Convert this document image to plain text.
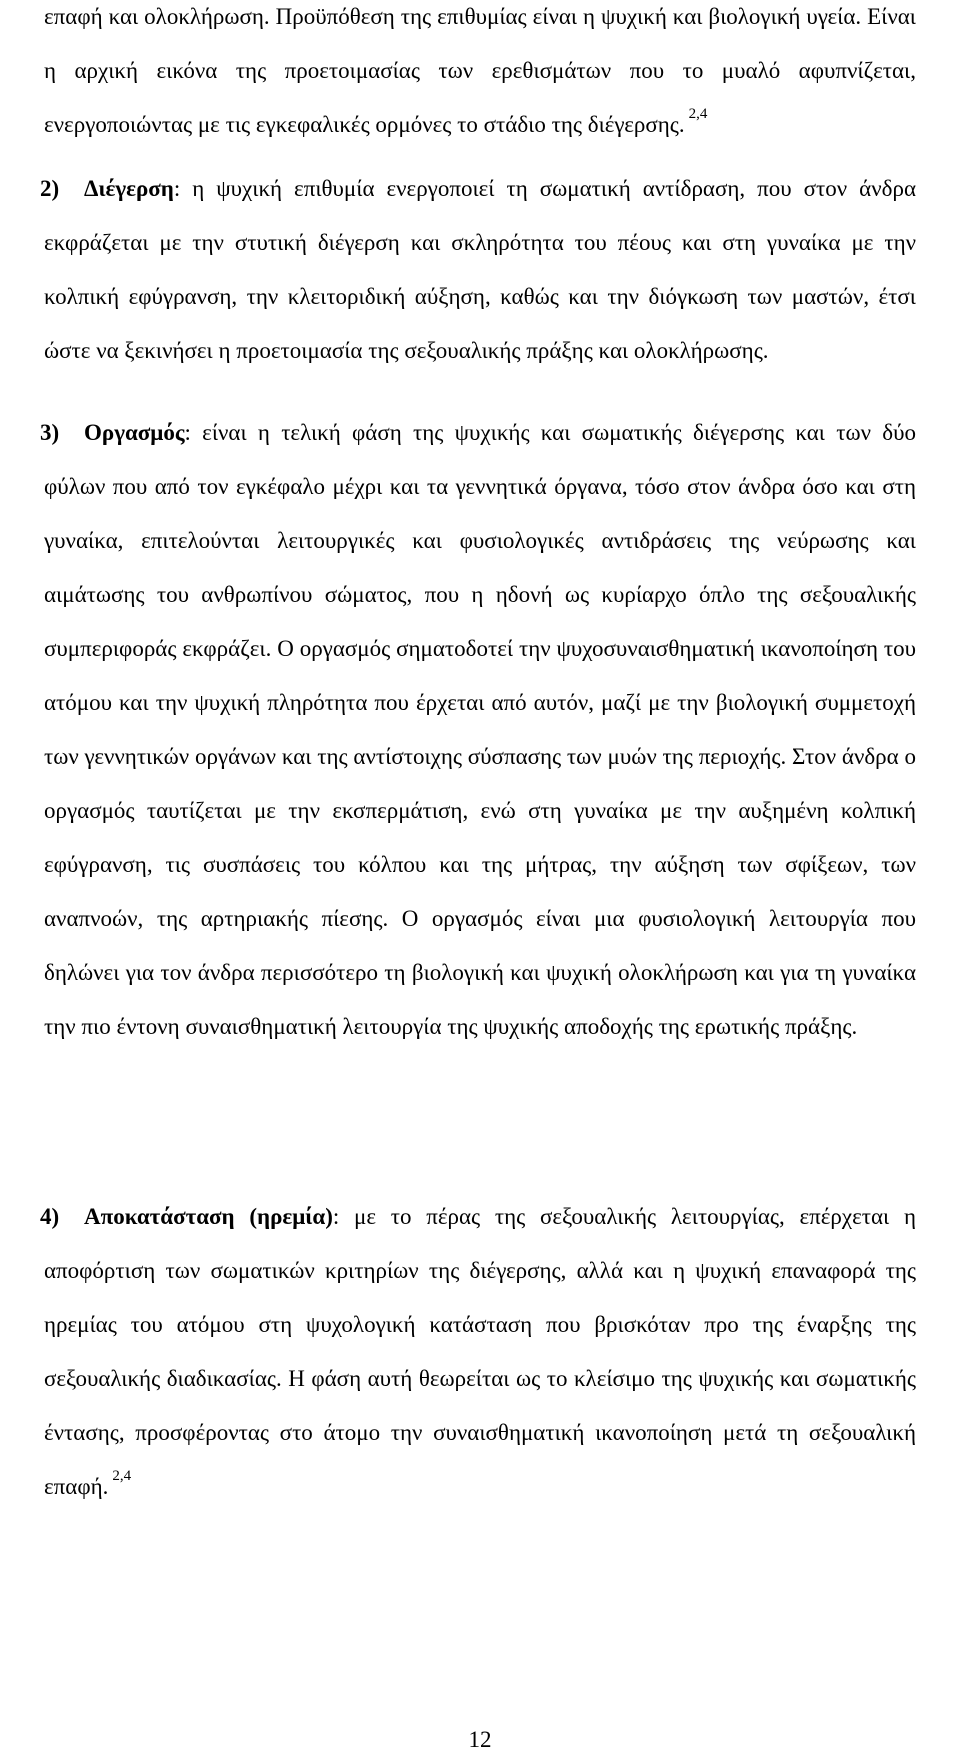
επαφή και ολοκλήρωση. Προϋπόθεση της επιθυμίας είναι η ψυχική και βιολογική υγεία. Είναι η αρχική εικόνα της προετοιμασίας των ερεθισμάτων που το μυαλό αφυπνίζεται, ενεργοποιώντας με τις εγκεφαλικές ορμόνες το στάδιο της διέγερσης. $^{2,4}$

2) Διέγερση: η ψυχική επιθυμία ενεργοποιεί τη σωματική αντίδραση, που στον άνδρα εκφράζεται με την στυτική διέγερση και σκληρότητα του πέους και στη γυναίκα με την κολπική εφύγρανση, την κλειτοριδική αύξηση, καθώς και την διόγκωση των μαστών, έτσι ώστε να ξεκινήσει η προετοιμασία της σεξουαλικής πράξης και ολοκλήρωσης.

3) Οργασμός: είναι η τελική φάση της ψυχικής και σωματικής διέγερσης και των δύο φύλων που από τον εγκέφαλο μέχρι και τα γεννητικά όργανα, τόσο στον άνδρα όσο και στη γυναίκα, επιτελούνται λειτουργικές και φυσιολογικές αντιδράσεις της νεύρωσης και αιμάτωσης του ανθρωπίνου σώματος, που η ηδονή ως κυρίαρχο όπλο της σεξουαλικής συμπεριφοράς εκφράζει. Ο οργασμός σηματοδοτεί την ψυχοσυναισθηματική ικανοποίηση του ατόμου και την ψυχική πληρότητα που έρχεται από αυτόν, μαζί με την βιολογική συμμετοχή των γεννητικών οργάνων και της αντίστοιχης σύσπασης των μυών της περιοχής. Στον άνδρα ο οργασμός ταυτίζεται με την εκσπερμάτιση, ενώ στη γυναίκα με την αυξημένη κολπική εφύγρανση, τις συσπάσεις του κόλπου και της μήτρας, την αύξηση των σφίξεων, των αναπνοών, της αρτηριακής πίεσης. Ο οργασμός είναι μια φυσιολογική λειτουργία που δηλώνει για τον άνδρα περισσότερο τη βιολογική και ψυχική ολοκλήρωση και για τη γυναίκα την πιο έντονη συναισθηματική λειτουργία της ψυχικής αποδοχής της ερωτικής πράξης.

4) Αποκατάσταση (ηρεμία): με το πέρας της σεξουαλικής λειτουργίας, επέρχεται η αποφόρτιση των σωματικών κριτηρίων της διέγερσης, αλλά και η ψυχική επαναφορά της ηρεμίας του ατόμου στη ψυχολογική κατάσταση που βρισκόταν προ της έναρξης της σεξουαλικής διαδικασίας. Η φάση αυτή θεωρείται ως το κλείσιμο της ψυχικής και σωματικής έντασης, προσφέροντας στο άτομο την συναισθηματική ικανοποίηση μετά τη σεξουαλική επαφή. $^{2,4}$

12
